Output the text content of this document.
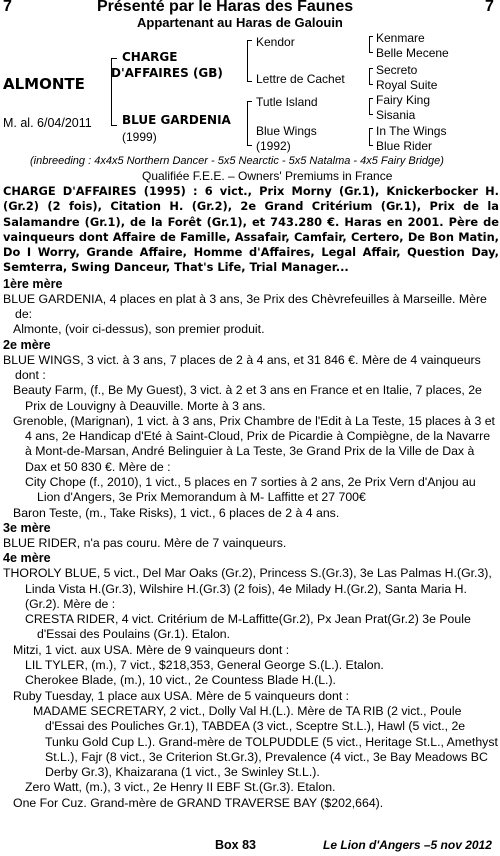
7	Présenté par le Haras des Faunes	7
Appartenant au Haras de Galouin
ALMONTE
M. al. 6/04/2011
CHARGE
D'AFFAIRES (GB)
BLUE GARDENIA
(1999)
Kendor
Lettre de Cachet
Tutle Island
Blue Wings
(1992)
Kenmare
Belle Mecene
Secreto
Royal Suite
Fairy King
Sisania
In The Wings
Blue Rider
(inbreeding : 4x4x5 Northern Dancer - 5x5 Nearctic - 5x5 Natalma - 4x5 Fairy Bridge)
Qualifiée F.E.E. – Owners' Premiums in France

CHARGE D'AFFAIRES (1995) : 6 vict., Prix Morny (Gr.1), Knickerbocker H. (Gr.2) (2 fois), Citation H. (Gr.2), 2e Grand Critérium (Gr.1), Prix de la Salamandre (Gr.1), de la Forêt (Gr.1), et 743.280 €. Haras en 2001. Père de vainqueurs dont Affaire de Famille, Assafair, Camfair, Certero, De Bon Matin, Do I Worry, Grande Affaire, Homme d'Affaires, Legal Affair, Question Day, Semterra, Swing Danceur, That's Life, Trial Manager...

1ère mère

BLUE GARDENIA, 4 places en plat à 3 ans, 3e Prix des Chèvrefeuilles à Marseille. Mère de:

Almonte, (voir ci-dessus), son premier produit.

2e mère

BLUE WINGS, 3 vict. à 3 ans, 7 places de 2 à 4 ans, et 31 846 €. Mère de 4 vainqueurs dont :

Beauty Farm, (f., Be My Guest), 3 vict. à 2 et 3 ans en France et en Italie, 7 places, 2e Prix de Louvigny à Deauville. Morte à 3 ans.

Grenoble, (Marignan), 1 vict. à 3 ans, Prix Chambre de l'Edit à La Teste, 15 places à 3 et 4 ans, 2e Handicap d'Eté à Saint-Cloud, Prix de Picardie à Compiègne, de la Navarre à Mont-de-Marsan, André Belinguier à La Teste, 3e Grand Prix de la Ville de Dax à Dax et 50 830 €. Mère de :

City Chope (f., 2010), 1 vict., 5 places en 7 sorties à 2 ans, 2e Prix Vern d'Anjou au Lion d'Angers, 3e Prix Memorandum à M- Laffitte et 27 700€

Baron Teste, (m., Take Risks), 1 vict., 6 places de 2 à 4 ans.

3e mère

BLUE RIDER, n'a pas couru. Mère de 7 vainqueurs.

4e mère

THOROLY BLUE, 5 vict., Del Mar Oaks (Gr.2), Princess S.(Gr.3), 3e Las Palmas H.(Gr.3), Linda Vista H.(Gr.3), Wilshire H.(Gr.3) (2 fois), 4e Milady H.(Gr.2), Santa Maria H.(Gr.2). Mère de :

CRESTA RIDER, 4 vict. Critérium de M-Laffitte(Gr.2), Px Jean Prat(Gr.2) 3e Poule d'Essai des Poulains (Gr.1). Etalon.

Mitzi, 1 vict. aux USA. Mère de 9 vainqueurs dont :

LIL TYLER, (m.), 7 vict., $218,353, General George S.(L.). Etalon.

Cherokee Blade, (m.), 10 vict., 2e Countess Blade H.(L.).

Ruby Tuesday, 1 place aux USA. Mère de 5 vainqueurs dont :

MADAME SECRETARY, 2 vict., Dolly Val H.(L.). Mère de TA RIB (2 vict., Poule d'Essai des Pouliches Gr.1), TABDEA (3 vict., Sceptre St.L.), Hawl (5 vict., 2e Tunku Gold Cup L.). Grand-mère de TOLPUDDLE (5 vict., Heritage St.L., Amethyst St.L.), Fajr (8 vict., 3e Criterion St.Gr.3), Prevalence (4 vict., 3e Bay Meadows BC Derby Gr.3), Khaizarana (1 vict., 3e Swinley St.L.).

Zero Watt, (m.), 3 vict., 2e Henry II EBF St.(Gr.3). Etalon.

One For Cuz. Grand-mère de GRAND TRAVERSE BAY ($202,664).

Box 83	Le Lion d'Angers –5 nov 2012
